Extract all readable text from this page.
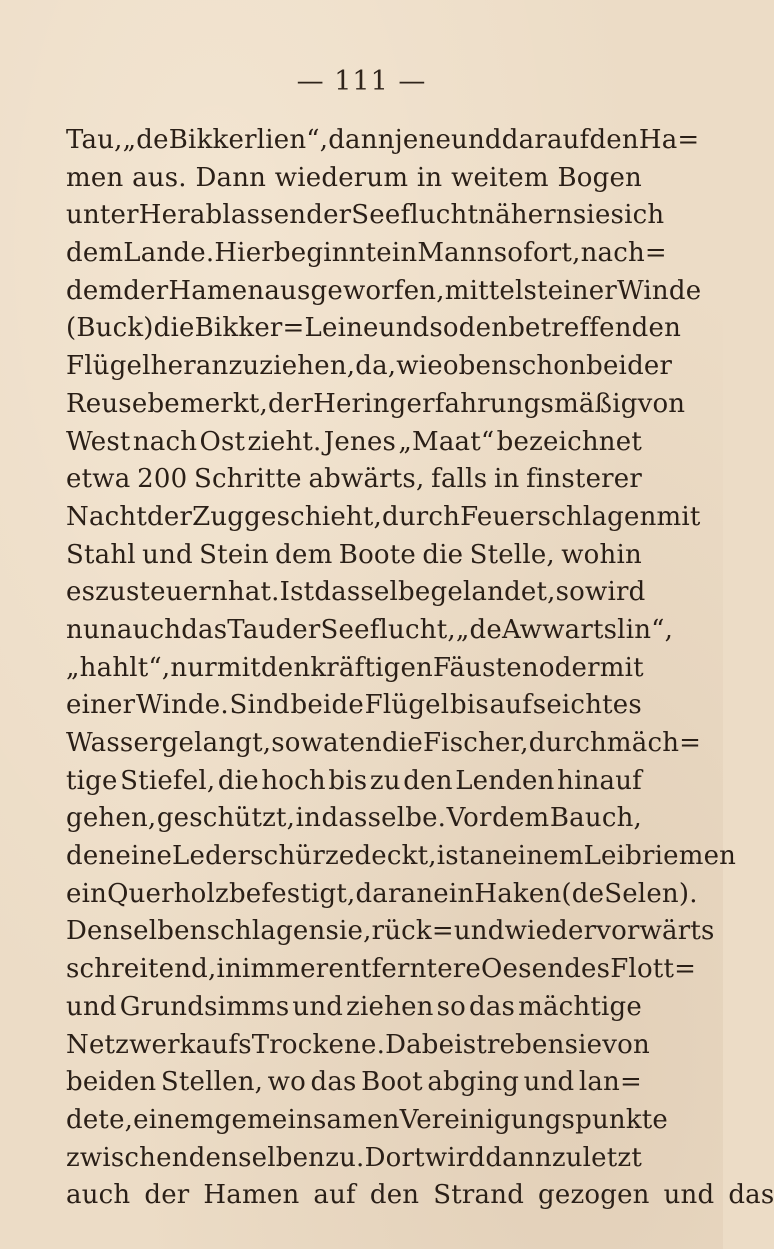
— 111 —
Tau, „de Bikkerlien“, dann jene und darauf den Ha=
men aus. Dann wiederum in weitem Bogen
unter Herablassen der Seeflucht nähern sie sich
dem Lande. Hier beginnt ein Mann sofort, nach=
dem der Hamen ausgeworfen, mittelst einer Winde
(Buck) die Bikker=Leine und so den betreffenden
Flügel heranzuziehen, da, wie oben schon bei der
Reuse bemerkt, der Hering erfahrungsmäßig von
West nach Ost zieht. Jenes „Maat“ bezeichnet
etwa 200 Schritte abwärts, falls in finsterer
Nacht der Zug geschieht, durch Feuerschlagen mit
Stahl und Stein dem Boote die Stelle, wohin
es zu steuern hat. Ist dasselbe gelandet, so wird
nun auch das Tau der Seeflucht, „de Awwartslin“,
„hahlt“, nur mit den kräftigen Fäusten oder mit
einer Winde. Sind beide Flügel bis auf seichtes
Wasser gelangt, so waten die Fischer, durch mäch=
tige Stiefel, die hoch bis zu den Lenden hinauf
gehen, geschützt, in dasselbe. Vor dem Bauch,
den eine Lederschürze deckt, ist an einem Leibriemen
ein Querholz befestigt, daran ein Haken (de Selen).
Denselben schlagen sie, rück= und wieder vorwärts
schreitend, in immer entferntere Oesen des Flott=
und Grundsimms und ziehen so das mächtige
Netzwerk aufs Trockene. Dabei streben sie von
beiden Stellen, wo das Boot abging und lan=
dete, einem gemeinsamen Vereinigungspunkte
zwischen denselben zu. Dort wird dann zuletzt
auch der Hamen auf den Strand gezogen und das
